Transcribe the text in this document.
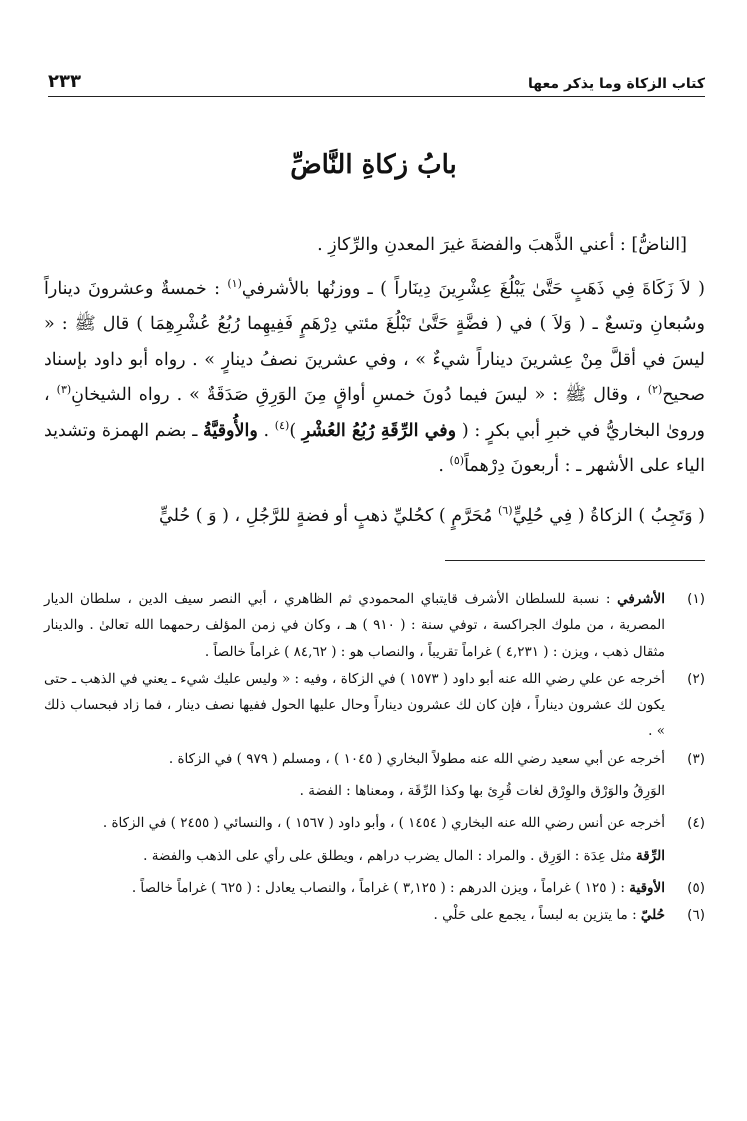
كتاب الزكاة وما يذكر معها
٢٣٣
بابُ زكاةِ النَّاضِّ

[الناضُّ] : أعني الذَّهبَ والفضةَ غيرَ المعدنِ والرِّكازِ .

( لاَ زَكَاةَ فِي ذَهَبٍ حَتَّىٰ يَبْلُغَ عِشْرِينَ دِينَاراً ) ـ ووزنُها بالأشرفي$^{(١)}$ : خمسةٌ وعشرونَ ديناراً وسُبعانِ وتسعٌ ـ ( وَلاَ ) في ( فضَّةٍ حَتَّىٰ تَبْلُغَ مئتي دِرْهَمٍ فَفِيهِما رُبُعُ عُشْرِهِمَا ) قال ﷺ : « ليسَ في أقلَّ مِنْ عِشرينَ ديناراً شيءٌ » ، وفي عشرينَ نصفُ دينارٍ » . رواه أبو داود بإسناد صحيح$^{(٢)}$ ، وقال ﷺ : « ليسَ فيما دُونَ خمسِ أواقٍ مِنَ الوَرِقِ صَدَقَةٌ » . رواه الشيخانِ$^{(٣)}$ ، وروىٰ البخاريُّ في خبرِ أبي بكرٍ : ( وفي الرِّقَةِ رُبُعُ العُشْرِ )$^{(٤)}$ . والأُوقيَّةُ ـ بضم الهمزة وتشديد الياء على الأشهر ـ : أربعونَ دِرْهماً$^{(٥)}$ .

( وَتَجِبُ ) الزكاةُ ( فِي حُلِيٍّ$^{(٦)}$ مُحَرَّمٍ ) كحُليِّ ذهبٍ أو فضةٍ للرَّجُلِ ، ( وَ ) حُليٍّ

(١)
الأشرفي : نسبة للسلطان الأشرف قايتباي المحمودي ثم الظاهري ، أبي النصر سيف الدين ، سلطان الديار المصرية ، من ملوك الجراكسة ، توفي سنة : ( ٩١٠ ) هـ ، وكان في زمن المؤلف رحمهما الله تعالىٰ . والدينار مثقال ذهب ، ويزن : ( ٤,٢٣١ ) غراماً تقريباً ، والنصاب هو : ( ٨٤,٦٢ ) غراماً خالصاً .
(٢)
أخرجه عن علي رضي الله عنه أبو داود ( ١٥٧٣ ) في الزكاة ، وفيه : « وليس عليك شيء ـ يعني في الذهب ـ حتى يكون لك عشرون ديناراً ، فإن كان لك عشرون ديناراً وحال عليها الحول ففيها نصف دينار ، فما زاد فبحساب ذلك » .
(٣)
أخرجه عن أبي سعيد رضي الله عنه مطولاً البخاري ( ١٠٤٥ ) ، ومسلم ( ٩٧٩ ) في الزكاة .
الوَرِقُ والوَرْق والوِرْق لغات قُرِئ بها وكذا الرِّقَة ، ومعناها : الفضة .
(٤)
أخرجه عن أنس رضي الله عنه البخاري ( ١٤٥٤ ) ، وأبو داود ( ١٥٦٧ ) ، والنسائي ( ٢٤٥٥ ) في الزكاة .
الرِّقة مثل عِدَة : الوَرِق . والمراد : المال يضرب دراهم ، ويطلق على رأي على الذهب والفضة .
(٥)
الأوقية : ( ١٢٥ ) غراماً ، ويزن الدرهم : ( ٣,١٢٥ ) غراماً ، والنصاب يعادل : ( ٦٢٥ ) غراماً خالصاً .
(٦)
حُليّ : ما يتزين به لبساً ، يجمع على حَلْي .
